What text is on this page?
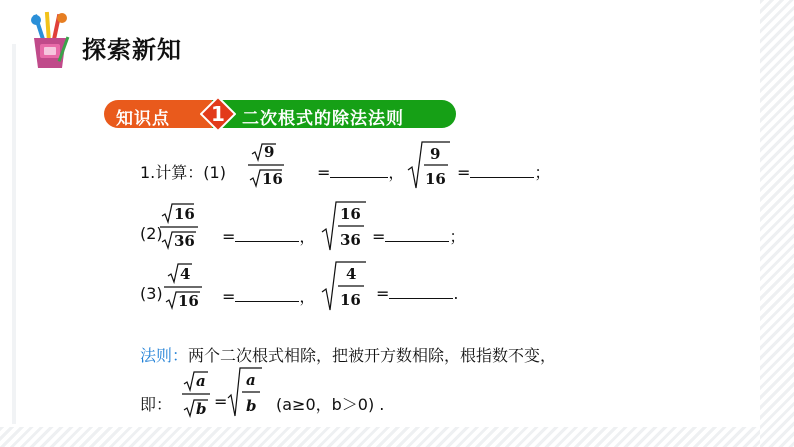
探索新知
知识点	二次根式的除法法则
1
1.计算：(1)
9
16 =	，
9
16 =	；
(2)
16
36 =	，
16
36 =	；
(3)
4
16 =	，
4
16 =	.
法则：两个二次根式相除，把被开方数相除，根指数不变，
即：
a
b =
a
b (a≥0，b＞0) .
